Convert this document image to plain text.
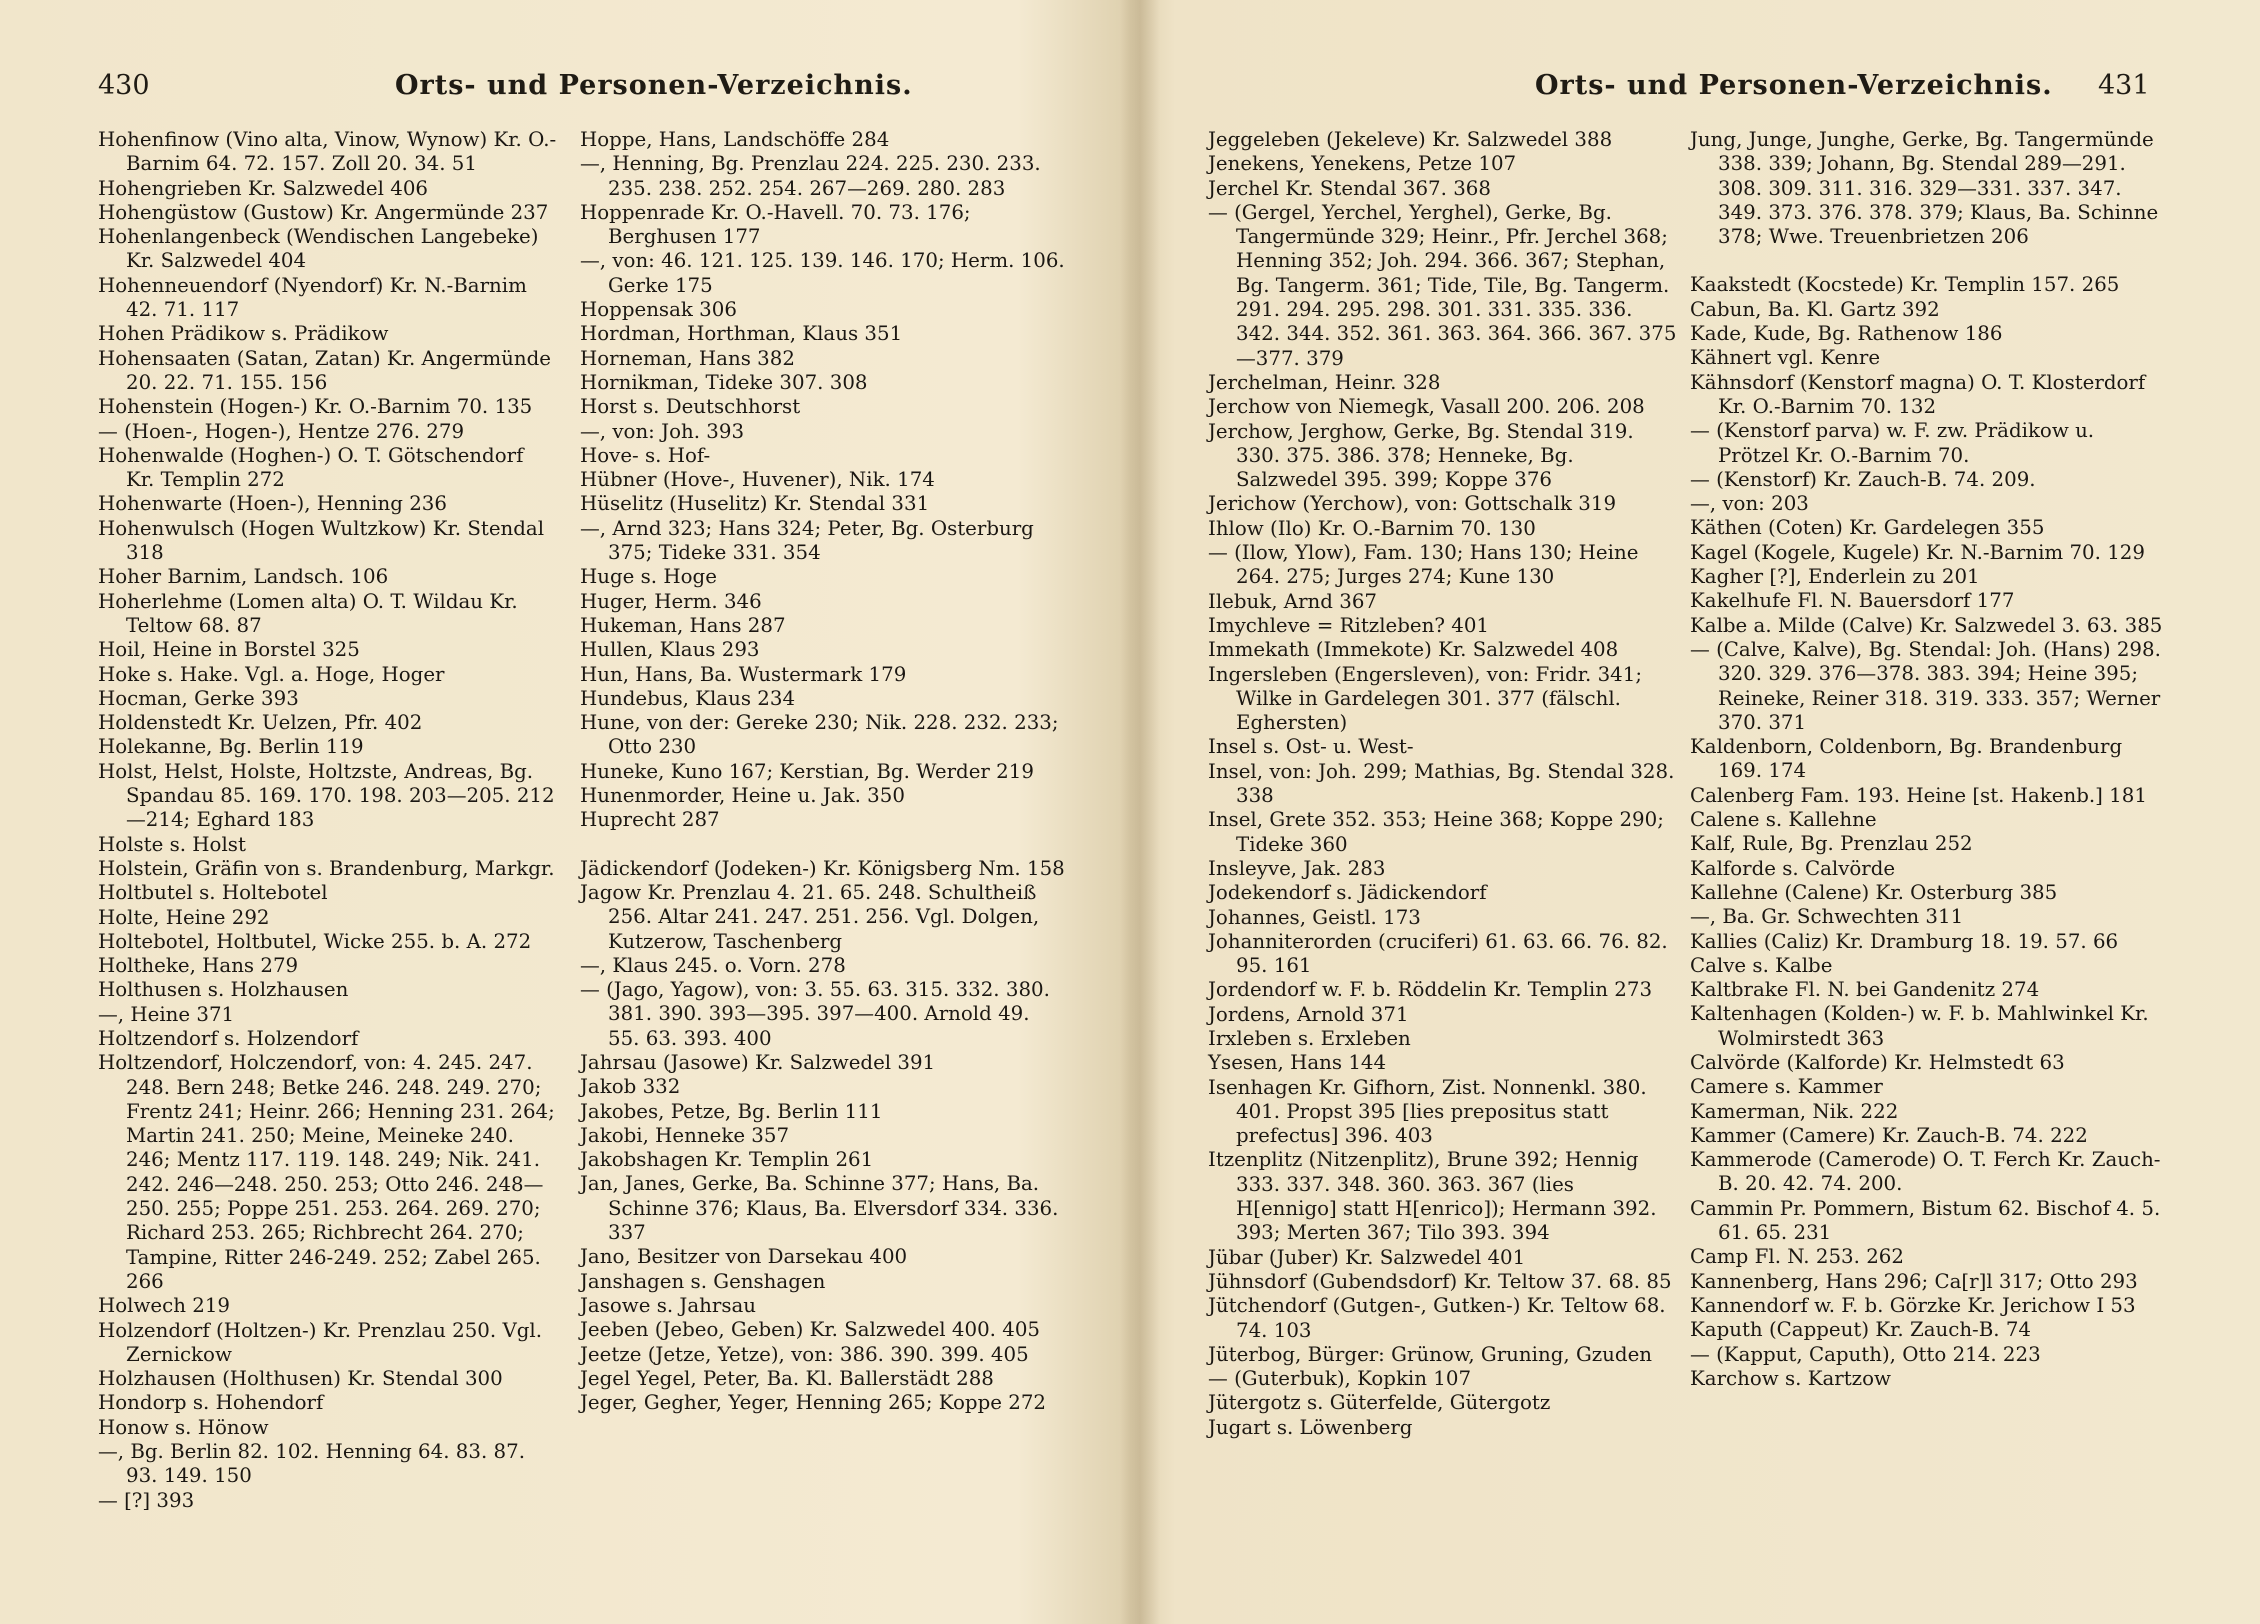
430	Orts- und Personen-Verzeichnis.

Hohenfinow (Vino alta, Vinow, Wynow) Kr. O.-Barnim 64. 72. 157. Zoll 20. 34. 51

Hohengrieben Kr. Salzwedel 406

Hohengüstow (Gustow) Kr. Angermünde 237

Hohenlangenbeck (Wendischen Langebeke) Kr. Salzwedel 404

Hohenneuendorf (Nyendorf) Kr. N.-Barnim 42. 71. 117

Hohen Prädikow s. Prädikow

Hohensaaten (Satan, Zatan) Kr. Angermünde 20. 22. 71. 155. 156

Hohenstein (Hogen-) Kr. O.-Barnim 70. 135

— (Hoen-, Hogen-), Hentze 276. 279

Hohenwalde (Hoghen-) O. T. Götschendorf Kr. Templin 272

Hohenwarte (Hoen-), Henning 236

Hohenwulsch (Hogen Wultzkow) Kr. Stendal 318

Hoher Barnim, Landsch. 106

Hoherlehme (Lomen alta) O. T. Wildau Kr. Teltow 68. 87

Hoil, Heine in Borstel 325

Hoke s. Hake. Vgl. a. Hoge, Hoger

Hocman, Gerke 393

Holdenstedt Kr. Uelzen, Pfr. 402

Holekanne, Bg. Berlin 119

Holst, Helst, Holste, Holtzste, Andreas, Bg. Spandau 85. 169. 170. 198. 203—205. 212—214; Eghard 183

Holste s. Holst

Holstein, Gräfin von s. Brandenburg, Markgr.

Holtbutel s. Holtebotel

Holte, Heine 292

Holtebotel, Holtbutel, Wicke 255. b. A. 272

Holtheke, Hans 279

Holthusen s. Holzhausen

—, Heine 371

Holtzendorf s. Holzendorf

Holtzendorf, Holczendorf, von: 4. 245. 247. 248. Bern 248; Betke 246. 248. 249. 270; Frentz 241; Heinr. 266; Henning 231. 264; Martin 241. 250; Meine, Meineke 240. 246; Mentz 117. 119. 148. 249; Nik. 241. 242. 246—248. 250. 253; Otto 246. 248—250. 255; Poppe 251. 253. 264. 269. 270; Richard 253. 265; Richbrecht 264. 270; Tampine, Ritter 246-249. 252; Zabel 265. 266

Holwech 219

Holzendorf (Holtzen-) Kr. Prenzlau 250. Vgl. Zernickow

Holzhausen (Holthusen) Kr. Stendal 300

Hondorp s. Hohendorf

Honow s. Hönow

—, Bg. Berlin 82. 102. Henning 64. 83. 87. 93. 149. 150

— [?] 393

Hoppe, Hans, Landschöffe 284

—, Henning, Bg. Prenzlau 224. 225. 230. 233. 235. 238. 252. 254. 267—269. 280. 283

Hoppenrade Kr. O.-Havell. 70. 73. 176; Berghusen 177

—, von: 46. 121. 125. 139. 146. 170; Herm. 106. Gerke 175

Hoppensak 306

Hordman, Horthman, Klaus 351

Horneman, Hans 382

Hornikman, Tideke 307. 308

Horst s. Deutschhorst

—, von: Joh. 393

Hove- s. Hof-

Hübner (Hove-, Huvener), Nik. 174

Hüselitz (Huselitz) Kr. Stendal 331

—, Arnd 323; Hans 324; Peter, Bg. Osterburg 375; Tideke 331. 354

Huge s. Hoge

Huger, Herm. 346

Hukeman, Hans 287

Hullen, Klaus 293

Hun, Hans, Ba. Wustermark 179

Hundebus, Klaus 234

Hune, von der: Gereke 230; Nik. 228. 232. 233; Otto 230

Huneke, Kuno 167; Kerstian, Bg. Werder 219

Hunenmorder, Heine u. Jak. 350

Huprecht 287

Jädickendorf (Jodeken-) Kr. Königsberg Nm. 158

Jagow Kr. Prenzlau 4. 21. 65. 248. Schultheiß 256. Altar 241. 247. 251. 256. Vgl. Dolgen, Kutzerow, Taschenberg

—, Klaus 245. o. Vorn. 278

— (Jago, Yagow), von: 3. 55. 63. 315. 332. 380. 381. 390. 393—395. 397—400. Arnold 49. 55. 63. 393. 400

Jahrsau (Jasowe) Kr. Salzwedel 391

Jakob 332

Jakobes, Petze, Bg. Berlin 111

Jakobi, Henneke 357

Jakobshagen Kr. Templin 261

Jan, Janes, Gerke, Ba. Schinne 377; Hans, Ba. Schinne 376; Klaus, Ba. Elversdorf 334. 336. 337

Jano, Besitzer von Darsekau 400

Janshagen s. Genshagen

Jasowe s. Jahrsau

Jeeben (Jebeo, Geben) Kr. Salzwedel 400. 405

Jeetze (Jetze, Yetze), von: 386. 390. 399. 405

Jegel Yegel, Peter, Ba. Kl. Ballerstädt 288

Jeger, Gegher, Yeger, Henning 265; Koppe 272

Orts- und Personen-Verzeichnis. 431

Jeggeleben (Jekeleve) Kr. Salzwedel 388

Jenekens, Yenekens, Petze 107

Jerchel Kr. Stendal 367. 368

— (Gergel, Yerchel, Yerghel), Gerke, Bg. Tangermünde 329; Heinr., Pfr. Jerchel 368; Henning 352; Joh. 294. 366. 367; Stephan, Bg. Tangerm. 361; Tide, Tile, Bg. Tangerm. 291. 294. 295. 298. 301. 331. 335. 336. 342. 344. 352. 361. 363. 364. 366. 367. 375—377. 379

Jerchelman, Heinr. 328

Jerchow von Niemegk, Vasall 200. 206. 208

Jerchow, Jerghow, Gerke, Bg. Stendal 319. 330. 375. 386. 378; Henneke, Bg. Salzwedel 395. 399; Koppe 376

Jerichow (Yerchow), von: Gottschalk 319

Ihlow (Ilo) Kr. O.-Barnim 70. 130

— (Ilow, Ylow), Fam. 130; Hans 130; Heine 264. 275; Jurges 274; Kune 130

Ilebuk, Arnd 367

Imychleve = Ritzleben? 401

Immekath (Immekote) Kr. Salzwedel 408

Ingersleben (Engersleven), von: Fridr. 341; Wilke in Gardelegen 301. 377 (fälschl. Eghersten)

Insel s. Ost- u. West-

Insel, von: Joh. 299; Mathias, Bg. Stendal 328. 338

Insel, Grete 352. 353; Heine 368; Koppe 290; Tideke 360

Insleyve, Jak. 283

Jodekendorf s. Jädickendorf

Johannes, Geistl. 173

Johanniterorden (cruciferi) 61. 63. 66. 76. 82. 95. 161

Jordendorf w. F. b. Röddelin Kr. Templin 273

Jordens, Arnold 371

Irxleben s. Erxleben

Ysesen, Hans 144

Isenhagen Kr. Gifhorn, Zist. Nonnenkl. 380. 401. Propst 395 [lies prepositus statt prefectus] 396. 403

Itzenplitz (Nitzenplitz), Brune 392; Hennig 333. 337. 348. 360. 363. 367 (lies H[ennigo] statt H[enrico]); Hermann 392. 393; Merten 367; Tilo 393. 394

Jübar (Juber) Kr. Salzwedel 401

Jühnsdorf (Gubendsdorf) Kr. Teltow 37. 68. 85

Jütchendorf (Gutgen-, Gutken-) Kr. Teltow 68. 74. 103

Jüterbog, Bürger: Grünow, Gruning, Gzuden

— (Guterbuk), Kopkin 107

Jütergotz s. Güterfelde, Gütergotz

Jugart s. Löwenberg

Jung, Junge, Junghe, Gerke, Bg. Tangermünde 338. 339; Johann, Bg. Stendal 289—291. 308. 309. 311. 316. 329—331. 337. 347. 349. 373. 376. 378. 379; Klaus, Ba. Schinne 378; Wwe. Treuenbrietzen 206

Kaakstedt (Kocstede) Kr. Templin 157. 265

Cabun, Ba. Kl. Gartz 392

Kade, Kude, Bg. Rathenow 186

Kähnert vgl. Kenre

Kähnsdorf (Kenstorf magna) O. T. Klosterdorf Kr. O.-Barnim 70. 132

— (Kenstorf parva) w. F. zw. Prädikow u. Prötzel Kr. O.-Barnim 70.

— (Kenstorf) Kr. Zauch-B. 74. 209.

—, von: 203

Käthen (Coten) Kr. Gardelegen 355

Kagel (Kogele, Kugele) Kr. N.-Barnim 70. 129

Kagher [?], Enderlein zu 201

Kakelhufe Fl. N. Bauersdorf 177

Kalbe a. Milde (Calve) Kr. Salzwedel 3. 63. 385

— (Calve, Kalve), Bg. Stendal: Joh. (Hans) 298. 320. 329. 376—378. 383. 394; Heine 395; Reineke, Reiner 318. 319. 333. 357; Werner 370. 371

Kaldenborn, Coldenborn, Bg. Brandenburg 169. 174

Calenberg Fam. 193. Heine [st. Hakenb.] 181

Calene s. Kallehne

Kalf, Rule, Bg. Prenzlau 252

Kalforde s. Calvörde

Kallehne (Calene) Kr. Osterburg 385

—, Ba. Gr. Schwechten 311

Kallies (Caliz) Kr. Dramburg 18. 19. 57. 66

Calve s. Kalbe

Kaltbrake Fl. N. bei Gandenitz 274

Kaltenhagen (Kolden-) w. F. b. Mahlwinkel Kr. Wolmirstedt 363

Calvörde (Kalforde) Kr. Helmstedt 63

Camere s. Kammer

Kamerman, Nik. 222

Kammer (Camere) Kr. Zauch-B. 74. 222

Kammerode (Camerode) O. T. Ferch Kr. Zauch-B. 20. 42. 74. 200.

Cammin Pr. Pommern, Bistum 62. Bischof 4. 5. 61. 65. 231

Camp Fl. N. 253. 262

Kannenberg, Hans 296; Ca[r]l 317; Otto 293

Kannendorf w. F. b. Görzke Kr. Jerichow I 53

Kaputh (Cappeut) Kr. Zauch-B. 74

— (Kapput, Caputh), Otto 214. 223

Karchow s. Kartzow
